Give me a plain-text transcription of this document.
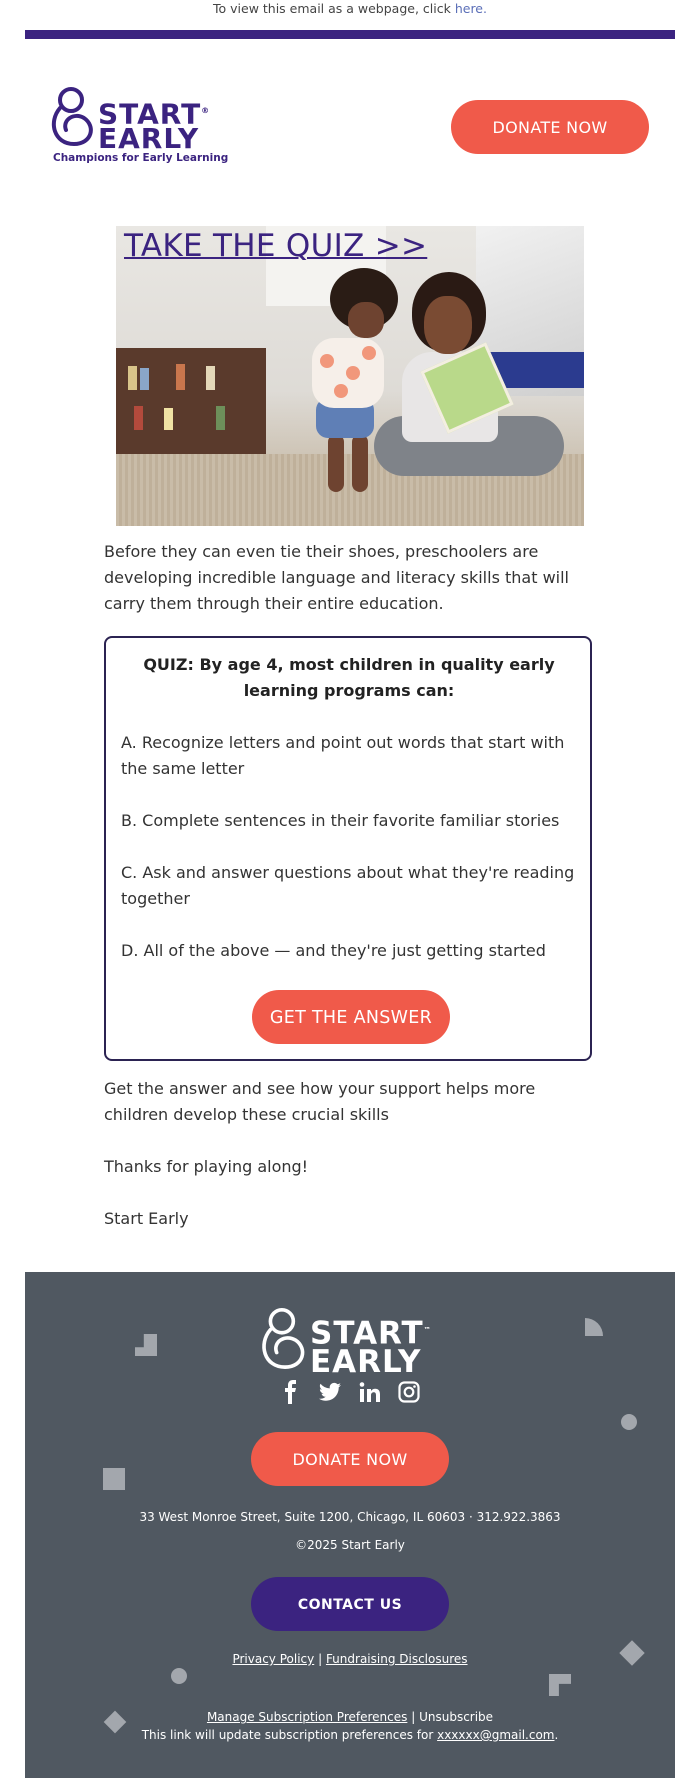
To view this email as a webpage, click here.
START®
EARLY
Champions for Early Learning
DONATE NOW
TAKE THE QUIZ >>
Before they can even tie their shoes, preschoolers are developing incredible language and literacy skills that will carry them through their entire education.
QUIZ: By age 4, most children in quality early learning programs can:
A. Recognize letters and point out words that start with the same letter
B. Complete sentences in their favorite familiar stories
C. Ask and answer questions about what they're reading together
D. All of the above — and they're just getting started
GET THE ANSWER
Get the answer and see how your support helps more children develop these crucial skills
Thanks for playing along!
Start Early
START™
EARLY

DONATE NOW
33 West Monroe Street, Suite 1200, Chicago, IL 60603 · 312.922.3863
©2025 Start Early
CONTACT US
Privacy Policy | Fundraising Disclosures
Manage Subscription Preferences | Unsubscribe
This link will update subscription preferences for xxxxxx@gmail.com.
